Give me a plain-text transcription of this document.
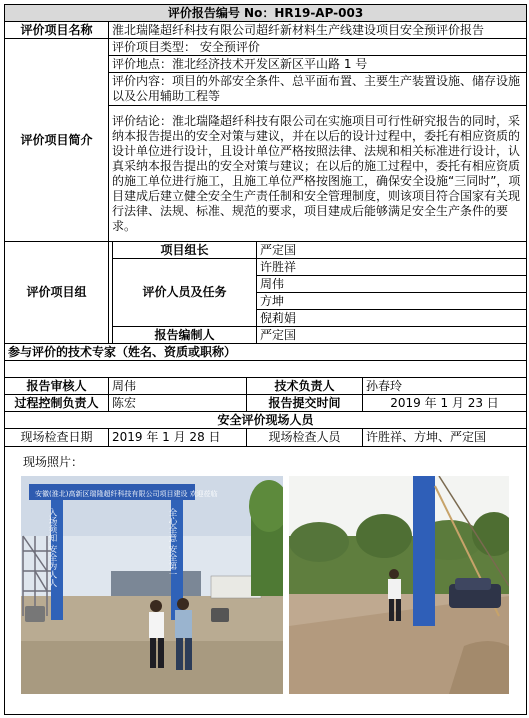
评价报告编号 No：HR19-AP-003					
评价项目名称	淮北瑞隆超纤科技有限公司超纤新材料生产线建设项目安全预评价报告				
评价项目简介	评价项目类型： 安全预评价				
	评价地点：淮北经济技术开发区新区平山路 1 号				
	评价内容：项目的外部安全条件、总平面布置、主要生产装置设施、储存设施以及公用辅助工程等				
	评价结论：淮北瑞隆超纤科技有限公司在实施项目可行性研究报告的同时，采纳本报告提出的安全对策与建议，并在以后的设计过程中，委托有相应资质的设计单位进行设计，且设计单位严格按照法律、法规和相关标准进行设计，认真采纳本报告提出的安全对策与建议；在以后的施工过程中，委托有相应资质的施工单位进行施工，且施工单位严格按图施工，确保安全设施“三同时”，项目建成后建立健全安全生产责任制和安全管理制度，则该项目符合国家有关现行法律、法规、标准、规范的要求，项目建成后能够满足安全生产条件的要求。				
评价项目组		项目组长		严定国	
		评价人员及任务		许胜祥	
				周伟	
				方坤	
				倪莉娟	
		报告编制人		严定国	
参与评价的技术专家（姓名、资质或职称）					

报告审核人	周伟		技术负责人		孙春玲
过程控制负责人	陈宏		报告提交时间		2019 年 1 月 23 日
安全评价现场人员					
现场检查日期	2019 年 1 月 28 日		现场检查人员		许胜祥、方坤、严定国

现场照片：
安徽(淮北)高新区瑞隆超纤科技有限公司项目建设 欢迎莅临
入场须知 安全为人人 全心全意 安全第一					
